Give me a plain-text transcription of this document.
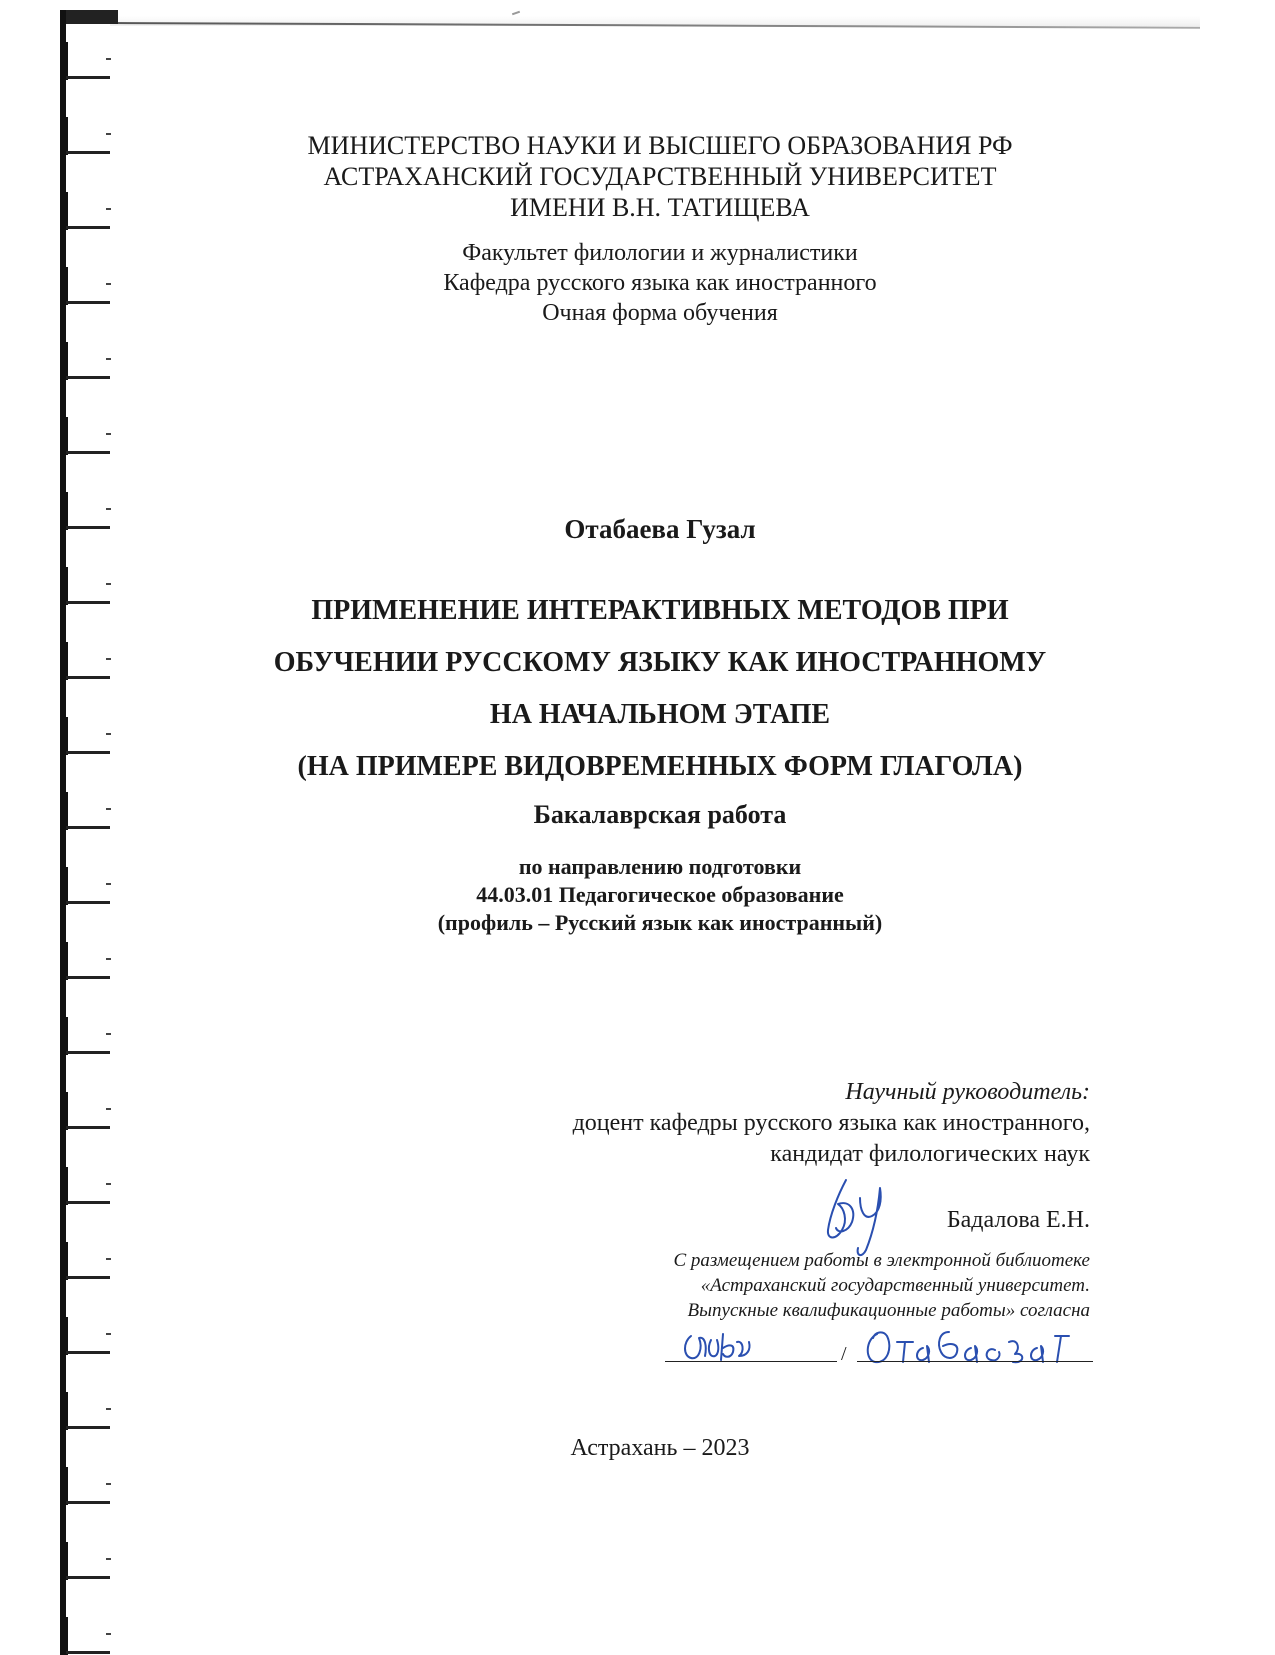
МИНИСТЕРСТВО НАУКИ И ВЫСШЕГО ОБРАЗОВАНИЯ РФ
АСТРАХАНСКИЙ ГОСУДАРСТВЕННЫЙ УНИВЕРСИТЕТ
ИМЕНИ В.Н. ТАТИЩЕВА
Факультет филологии и журналистики
Кафедра русского языка как иностранного
Очная форма обучения
Отабаева Гузал
ПРИМЕНЕНИЕ ИНТЕРАКТИВНЫХ МЕТОДОВ ПРИ
ОБУЧЕНИИ РУССКОМУ ЯЗЫКУ КАК ИНОСТРАННОМУ
НА НАЧАЛЬНОМ ЭТАПЕ
(НА ПРИМЕРЕ ВИДОВРЕМЕННЫХ ФОРМ ГЛАГОЛА)
Бакалаврская работа
по направлению подготовки
44.03.01 Педагогическое образование
(профиль – Русский язык как иностранный)
Научный руководитель:
доцент кафедры русского языка как иностранного,
кандидат филологических наук
Бадалова Е.Н.
С размещением работы в электронной библиотеке
«Астраханский государственный университет.
Выпускные квалификационные работы» согласна
/
Астрахань – 2023
